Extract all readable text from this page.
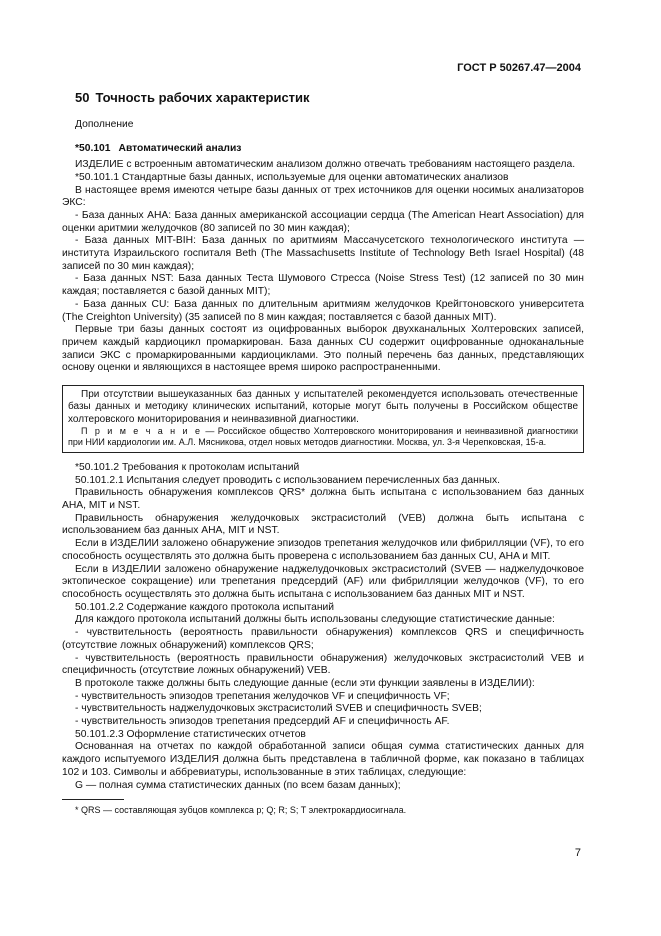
ГОСТ Р 50267.47—2004
50 Точность рабочих характеристик

Дополнение

*50.101 Автоматический анализ

ИЗДЕЛИЕ с встроенным автоматическим анализом должно отвечать требованиям настоящего раздела.

*50.101.1 Стандартные базы данных, используемые для оценки автоматических анализов

В настоящее время имеются четыре базы данных от трех источников для оценки носимых анализаторов ЭКС:

- База данных AHA: База данных американской ассоциации сердца (The American Heart Association) для оценки аритмии желудочков (80 записей по 30 мин каждая);

- База данных MIT-BIH: База данных по аритмиям Массачусетского технологического института — института Израильского госпиталя Beth (The Massachusetts Institute of Technology Beth Israel Hospital) (48 записей по 30 мин каждая);

- База данных NST: База данных Теста Шумового Стресса (Noise Stress Test) (12 записей по 30 мин каждая; поставляется с базой данных MIT);

- База данных CU: База данных по длительным аритмиям желудочков Крейгтоновского университета (The Creighton University) (35 записей по 8 мин каждая; поставляется с базой данных MIT).

Первые три базы данных состоят из оцифрованных выборок двухканальных Холтеровских записей, причем каждый кардиоцикл промаркирован. База данных CU содержит оцифрованные одноканальные записи ЭКС с промаркированными кардиоциклами. Это полный перечень баз данных, представляющих основу оценки и являющихся в настоящее время широко распространенными.

При отсутствии вышеуказанных баз данных у испытателей рекомендуется использовать отечественные базы данных и методику клинических испытаний, которые могут быть получены в Российском обществе холтеровского мониторирования и неинвазивной диагностики.

П р и м е ч а н и е — Российское общество Холтеровского мониторирования и неинвазивной диагностики при НИИ кардиологии им. А.Л. Мясникова, отдел новых методов диагностики. Москва, ул. 3-я Черепковская, 15-а.

*50.101.2 Требования к протоколам испытаний

50.101.2.1 Испытания следует проводить с использованием перечисленных баз данных.

Правильность обнаружения комплексов QRS* должна быть испытана с использованием баз данных AHA, MIT и NST.

Правильность обнаружения желудочковых экстрасистолий (VEB) должна быть испытана с использованием баз данных AHA, MIT и NST.

Если в ИЗДЕЛИИ заложено обнаружение эпизодов трепетания желудочков или фибрилляции (VF), то его способность осуществлять это должна быть проверена с использованием баз данных CU, AHA и MIT.

Если в ИЗДЕЛИИ заложено обнаружение наджелудочковых экстрасистолий (SVEB — наджелудочковое эктопическое сокращение) или трепетания предсердий (AF) или фибрилляции желудочков (VF), то его способность осуществлять это должна быть испытана с использованием баз данных MIT и NST.

50.101.2.2 Содержание каждого протокола испытаний

Для каждого протокола испытаний должны быть использованы следующие статистические данные:

- чувствительность (вероятность правильности обнаружения) комплексов QRS и специфичность (отсутствие ложных обнаружений) комплексов QRS;

- чувствительность (вероятность правильности обнаружения) желудочковых экстрасистолий VEB и специфичность (отсутствие ложных обнаружений) VEB.

В протоколе также должны быть следующие данные (если эти функции заявлены в ИЗДЕЛИИ):

- чувствительность эпизодов трепетания желудочков VF и специфичность VF;

- чувствительность наджелудочковых экстрасистолий SVEB и специфичность SVEB;

- чувствительность эпизодов трепетания предсердий AF и специфичность AF.

50.101.2.3 Оформление статистических отчетов

Основанная на отчетах по каждой обработанной записи общая сумма статистических данных для каждого испытуемого ИЗДЕЛИЯ должна быть представлена в табличной форме, как показано в таблицах 102 и 103. Символы и аббревиатуры, использованные в этих таблицах, следующие:

G — полная сумма статистических данных (по всем базам данных);

* QRS — составляющая зубцов комплекса p; Q; R; S; T электрокардиосигнала.

7
